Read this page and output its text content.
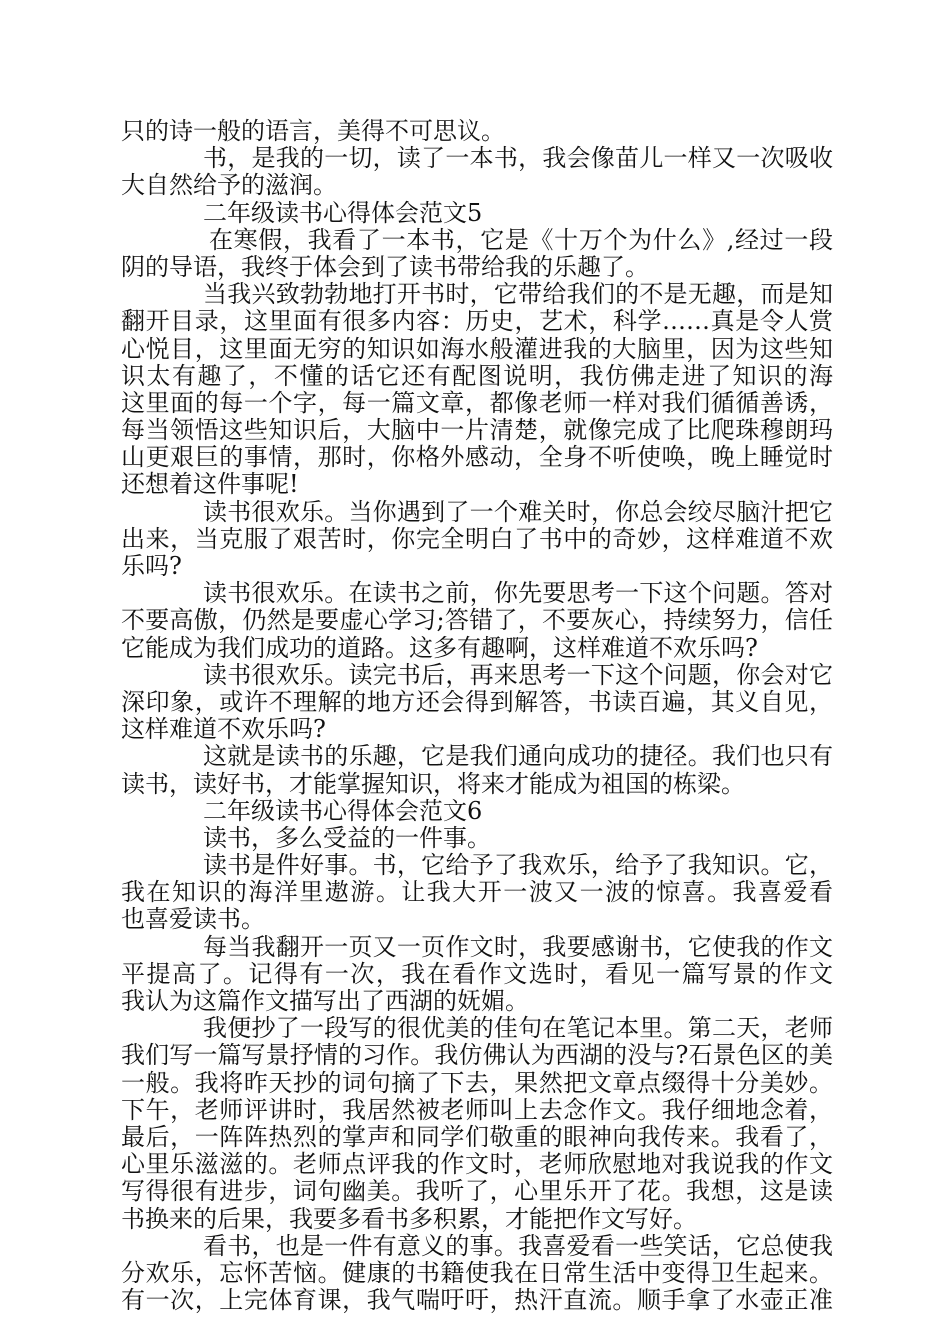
只的诗一般的语言，美得不可思议。
书，是我的一切，读了一本书，我会像苗儿一样又一次吸收
大自然给予的滋润。
二年级读书心得体会范文5
在寒假，我看了一本书，它是《十万个为什么》,经过一段
阴的导语，我终于体会到了读书带给我的乐趣了。
当我兴致勃勃地打开书时，它带给我们的不是无趣，而是知
翻开目录，这里面有很多内容：历史，艺术，科学……真是令人赏
心悦目，这里面无穷的知识如海水般灌进我的大脑里，因为这些知
识太有趣了，不懂的话它还有配图说明，我仿佛走进了知识的海
这里面的每一个字，每一篇文章，都像老师一样对我们循循善诱，
每当领悟这些知识后，大脑中一片清楚，就像完成了比爬珠穆朗玛
山更艰巨的事情，那时，你格外感动，全身不听使唤，晚上睡觉时
还想着这件事呢!
读书很欢乐。当你遇到了一个难关时，你总会绞尽脑汁把它
出来，当克服了艰苦时，你完全明白了书中的奇妙，这样难道不欢
乐吗?
读书很欢乐。在读书之前，你先要思考一下这个问题。答对
不要高傲，仍然是要虚心学习;答错了，不要灰心，持续努力，信任
它能成为我们成功的道路。这多有趣啊，这样难道不欢乐吗?
读书很欢乐。读完书后，再来思考一下这个问题，你会对它
深印象，或许不理解的地方还会得到解答，书读百遍，其义自见，
这样难道不欢乐吗?
这就是读书的乐趣，它是我们通向成功的捷径。我们也只有
读书，读好书，才能掌握知识，将来才能成为祖国的栋梁。
二年级读书心得体会范文6
读书，多么受益的一件事。
读书是件好事。书，它给予了我欢乐，给予了我知识。它，
我在知识的海洋里遨游。让我大开一波又一波的惊喜。我喜爱看
也喜爱读书。
每当我翻开一页又一页作文时，我要感谢书，它使我的作文
平提高了。记得有一次，我在看作文选时，看见一篇写景的作文
我认为这篇作文描写出了西湖的妩媚。
我便抄了一段写的很优美的佳句在笔记本里。第二天，老师
我们写一篇写景抒情的习作。我仿佛认为西湖的没与?石景色区的美
一般。我将昨天抄的词句摘了下去，果然把文章点缀得十分美妙。
下午，老师评讲时，我居然被老师叫上去念作文。我仔细地念着，
最后，一阵阵热烈的掌声和同学们敬重的眼神向我传来。我看了，
心里乐滋滋的。老师点评我的作文时，老师欣慰地对我说我的作文
写得很有进步，词句幽美。我听了，心里乐开了花。我想，这是读
书换来的后果，我要多看书多积累，才能把作文写好。
看书，也是一件有意义的事。我喜爱看一些笑话，它总使我
分欢乐，忘怀苦恼。健康的书籍使我在日常生活中变得卫生起来。
有一次，上完体育课，我气喘吁吁，热汗直流。顺手拿了水壶正准
